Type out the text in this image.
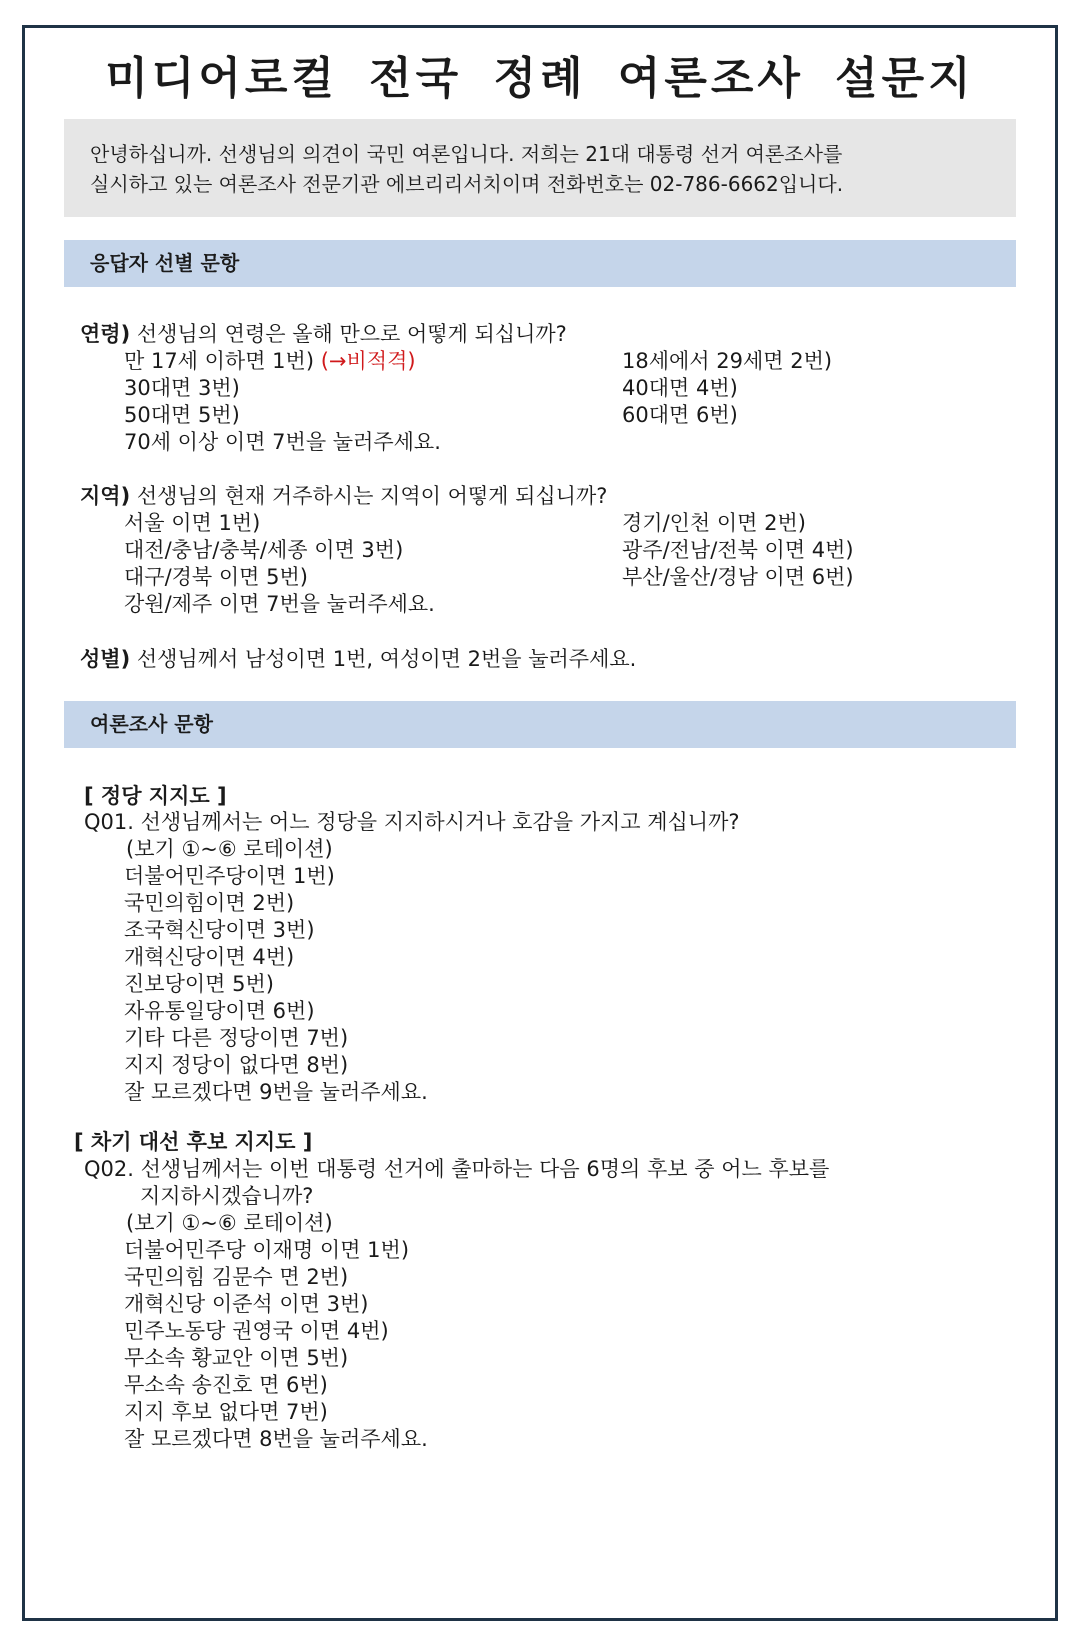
미디어로컬 전국 정례 여론조사 설문지
안녕하십니까. 선생님의 의견이 국민 여론입니다. 저희는 21대 대통령 선거 여론조사를
실시하고 있는 여론조사 전문기관 에브리리서치이며 전화번호는 02-786-6662입니다.
응답자 선별 문항
연령) 선생님의 연령은 올해 만으로 어떻게 되십니까?
만 17세 이하면 1번) (→비적격)	18세에서 29세면 2번)
30대면 3번)	40대면 4번)
50대면 5번)	60대면 6번)
70세 이상 이면 7번을 눌러주세요.
지역) 선생님의 현재 거주하시는 지역이 어떻게 되십니까?
서울 이면 1번)	경기/인천 이면 2번)
대전/충남/충북/세종 이면 3번)	광주/전남/전북 이면 4번)
대구/경북 이면 5번)	부산/울산/경남 이면 6번)
강원/제주 이면 7번을 눌러주세요.
성별) 선생님께서 남성이면 1번, 여성이면 2번을 눌러주세요.
여론조사 문항
[ 정당 지지도 ]
Q01. 선생님께서는 어느 정당을 지지하시거나 호감을 가지고 계십니까?
(보기 ①~⑥ 로테이션)
더불어민주당이면 1번)
국민의힘이면 2번)
조국혁신당이면 3번)
개혁신당이면 4번)
진보당이면 5번)
자유통일당이면 6번)
기타 다른 정당이면 7번)
지지 정당이 없다면 8번)
잘 모르겠다면 9번을 눌러주세요.
[ 차기 대선 후보 지지도 ]
Q02. 선생님께서는 이번 대통령 선거에 출마하는 다음 6명의 후보 중 어느 후보를
지지하시겠습니까?
(보기 ①~⑥ 로테이션)
더불어민주당 이재명 이면 1번)
국민의힘 김문수 면 2번)
개혁신당 이준석 이면 3번)
민주노동당 권영국 이면 4번)
무소속 황교안 이면 5번)
무소속 송진호 면 6번)
지지 후보 없다면 7번)
잘 모르겠다면 8번을 눌러주세요.
